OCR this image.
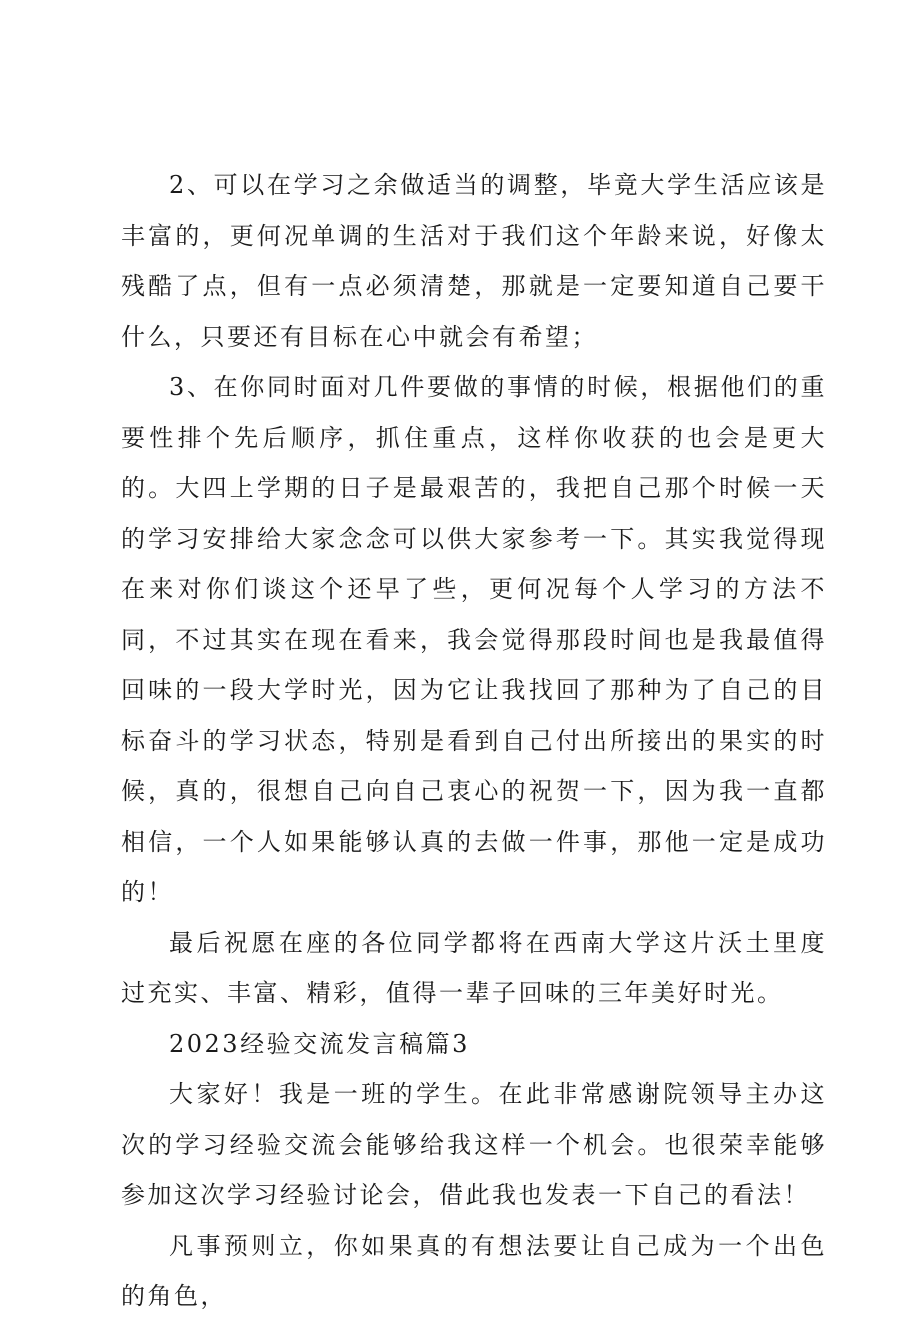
2、可以在学习之余做适当的调整，毕竟大学生活应该是丰富的，更何况单调的生活对于我们这个年龄来说，好像太残酷了点，但有一点必须清楚，那就是一定要知道自己要干什么，只要还有目标在心中就会有希望；

3、在你同时面对几件要做的事情的时候，根据他们的重要性排个先后顺序，抓住重点，这样你收获的也会是更大的。大四上学期的日子是最艰苦的，我把自己那个时候一天的学习安排给大家念念可以供大家参考一下。其实我觉得现在来对你们谈这个还早了些，更何况每个人学习的方法不同，不过其实在现在看来，我会觉得那段时间也是我最值得回味的一段大学时光，因为它让我找回了那种为了自己的目标奋斗的学习状态，特别是看到自己付出所接出的果实的时候，真的，很想自己向自己衷心的祝贺一下，因为我一直都相信，一个人如果能够认真的去做一件事，那他一定是成功的！

最后祝愿在座的各位同学都将在西南大学这片沃土里度过充实、丰富、精彩，值得一辈子回味的三年美好时光。

2023经验交流发言稿篇3

大家好！我是一班的学生。在此非常感谢院领导主办这次的学习经验交流会能够给我这样一个机会。也很荣幸能够参加这次学习经验讨论会，借此我也发表一下自己的看法！

凡事预则立，你如果真的有想法要让自己成为一个出色的角色，
